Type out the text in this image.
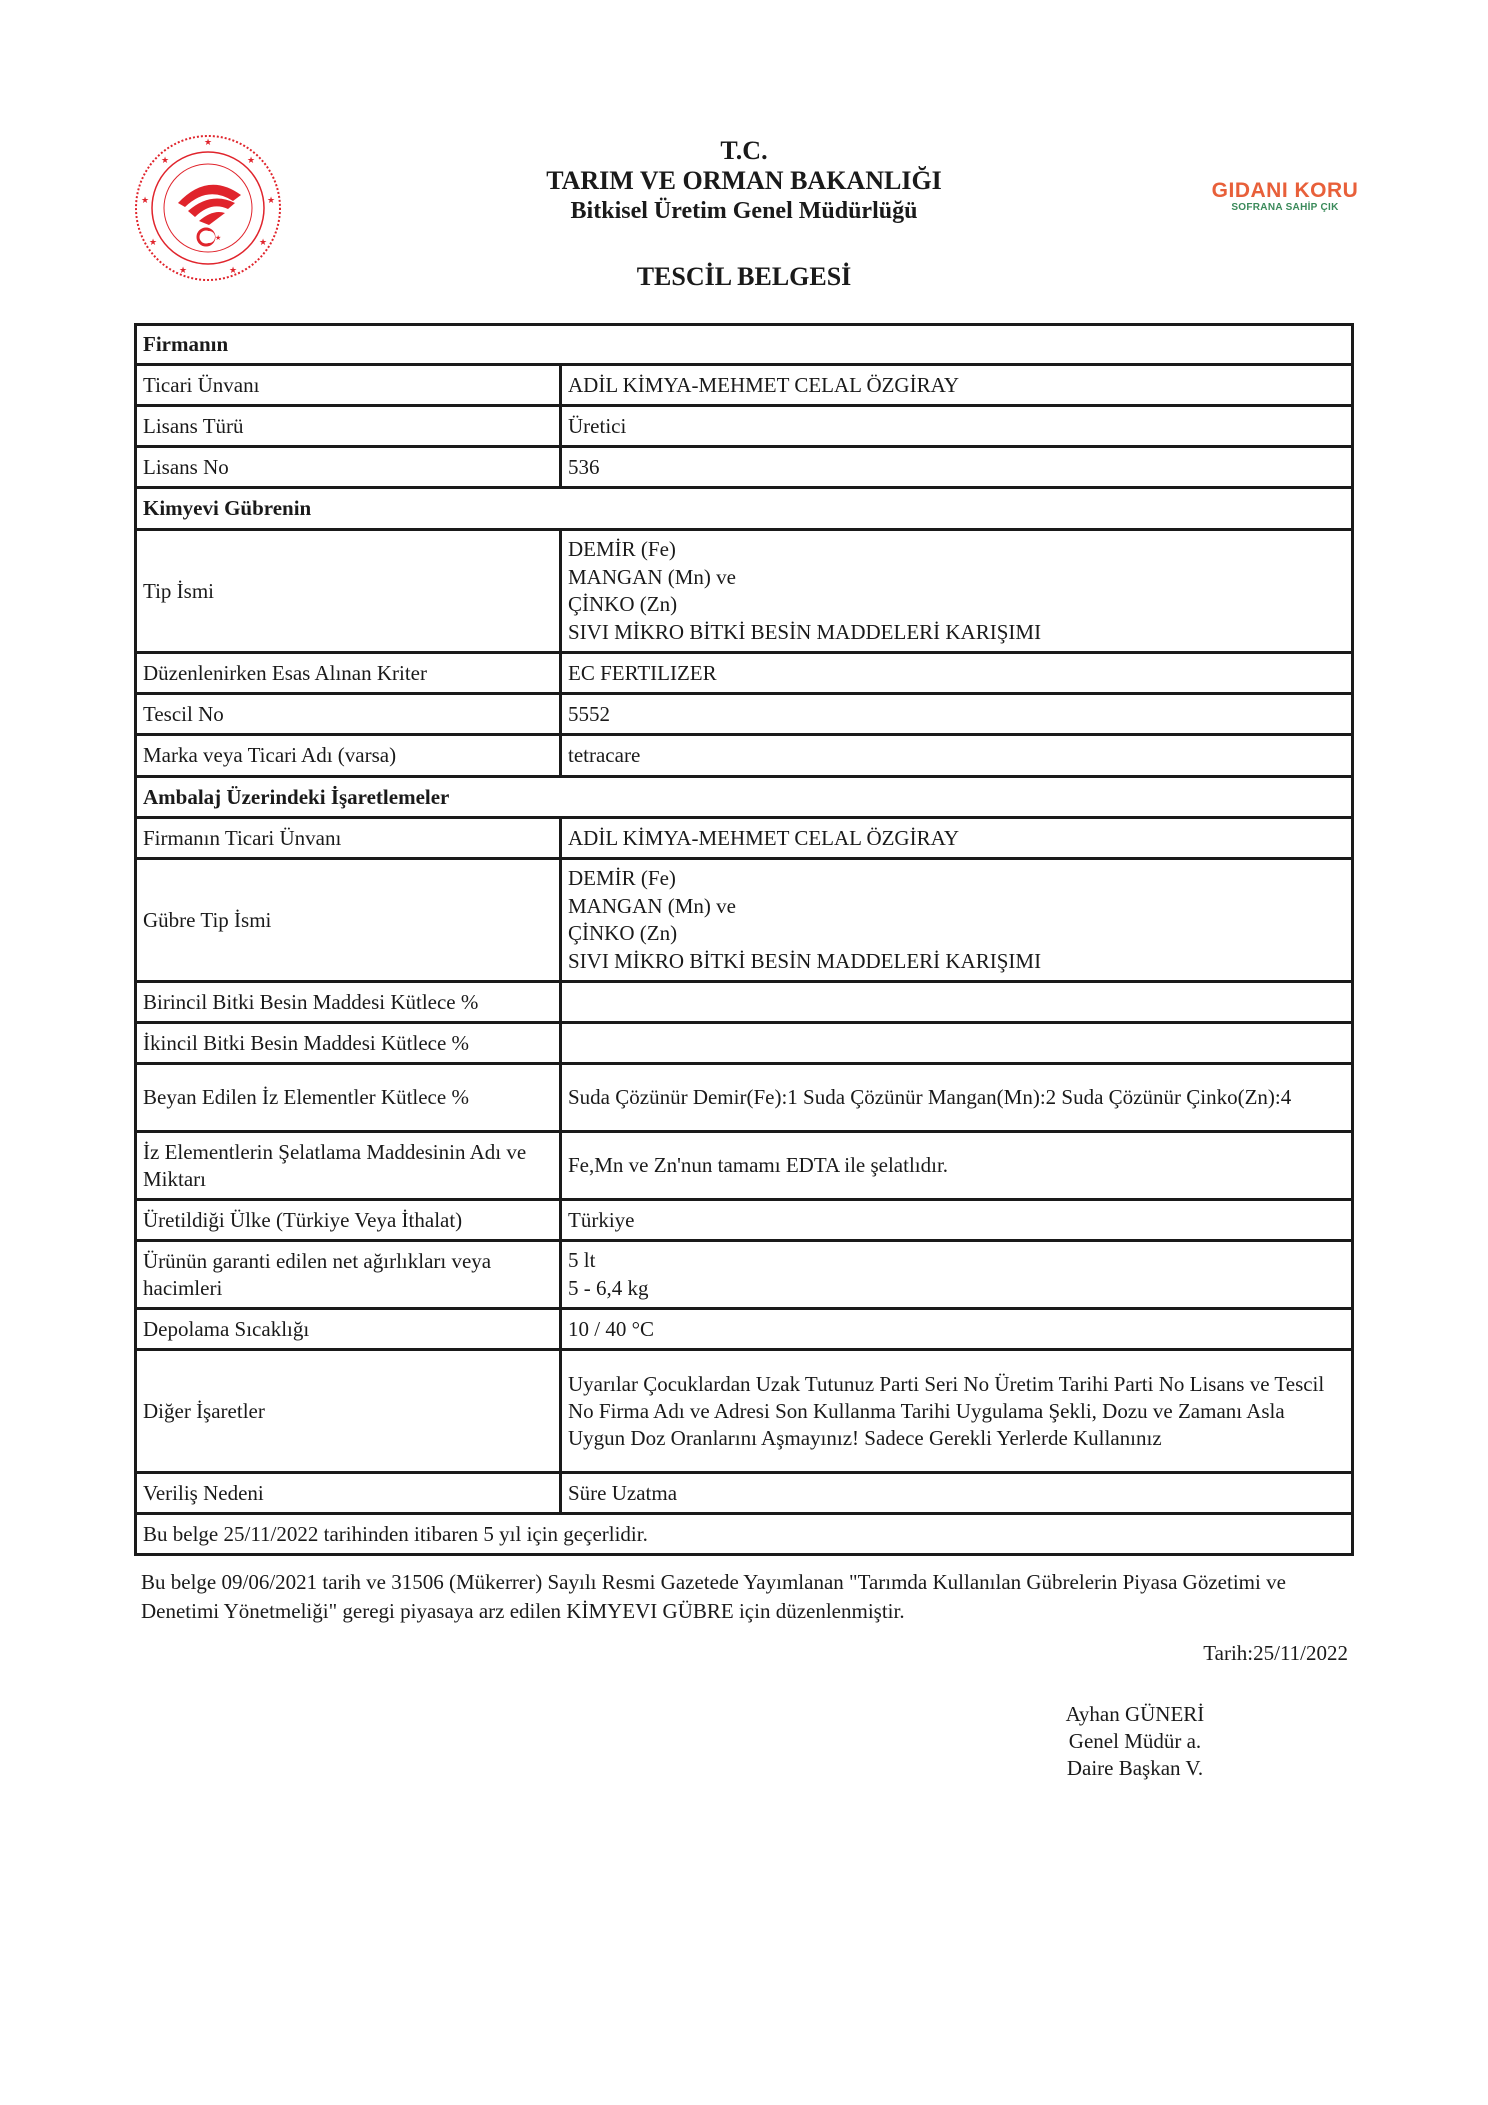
★
★
★
★
★
★
★
★
★
★
GIDANI KORU
SOFRANA SAHİP ÇIK
T.C.
TARIM VE ORMAN BAKANLIĞI
Bitkisel Üretim Genel Müdürlüğü
TESCİL BELGESİ
Firmanın	
Ticari Ünvanı	ADİL KİMYA-MEHMET CELAL ÖZGİRAY
Lisans Türü	Üretici
Lisans No	536
Kimyevi Gübrenin	
Tip İsmi	DEMİR (Fe)
MANGAN (Mn) ve
ÇİNKO (Zn)
SIVI MİKRO BİTKİ BESİN MADDELERİ KARIŞIMI

Düzenlenirken Esas Alınan Kriter	EC FERTILIZER
Tescil No	5552
Marka veya Ticari Adı (varsa)	tetracare
Ambalaj Üzerindeki İşaretlemeler	
Firmanın Ticari Ünvanı	ADİL KİMYA-MEHMET CELAL ÖZGİRAY
Gübre Tip İsmi	DEMİR (Fe)
MANGAN (Mn) ve
ÇİNKO (Zn)
SIVI MİKRO BİTKİ BESİN MADDELERİ KARIŞIMI

Birincil Bitki Besin Maddesi Kütlece %	
İkincil Bitki Besin Maddesi Kütlece %	
Beyan Edilen İz Elementler Kütlece %	Suda Çözünür Demir(Fe):1 Suda Çözünür Mangan(Mn):2 Suda Çözünür Çinko(Zn):4
İz Elementlerin Şelatlama Maddesinin Adı ve Miktarı	Fe,Mn ve Zn'nun tamamı EDTA ile şelatlıdır.
Üretildiği Ülke (Türkiye Veya İthalat)	Türkiye
Ürünün garanti edilen net ağırlıkları veya hacimleri	5 lt
5 - 6,4 kg

Depolama Sıcaklığı	10 / 40 °C
Diğer İşaretler	Uyarılar Çocuklardan Uzak Tutunuz Parti Seri No Üretim Tarihi Parti No Lisans ve Tescil No Firma Adı ve Adresi Son Kullanma Tarihi Uygulama Şekli, Dozu ve Zamanı Asla Uygun Doz Oranlarını Aşmayınız! Sadece Gerekli Yerlerde Kullanınız
Veriliş Nedeni	Süre Uzatma
Bu belge 25/11/2022 tarihinden itibaren 5 yıl için geçerlidir.	
Bu belge 09/06/2021 tarih ve 31506 (Mükerrer) Sayılı Resmi Gazetede Yayımlanan "Tarımda Kullanılan Gübrelerin Piyasa Gözetimi ve Denetimi Yönetmeliği" geregi piyasaya arz edilen KİMYEVI GÜBRE için düzenlenmiştir.
Tarih:25/11/2022
Ayhan GÜNERİ
Genel Müdür a.
Daire Başkan V.
